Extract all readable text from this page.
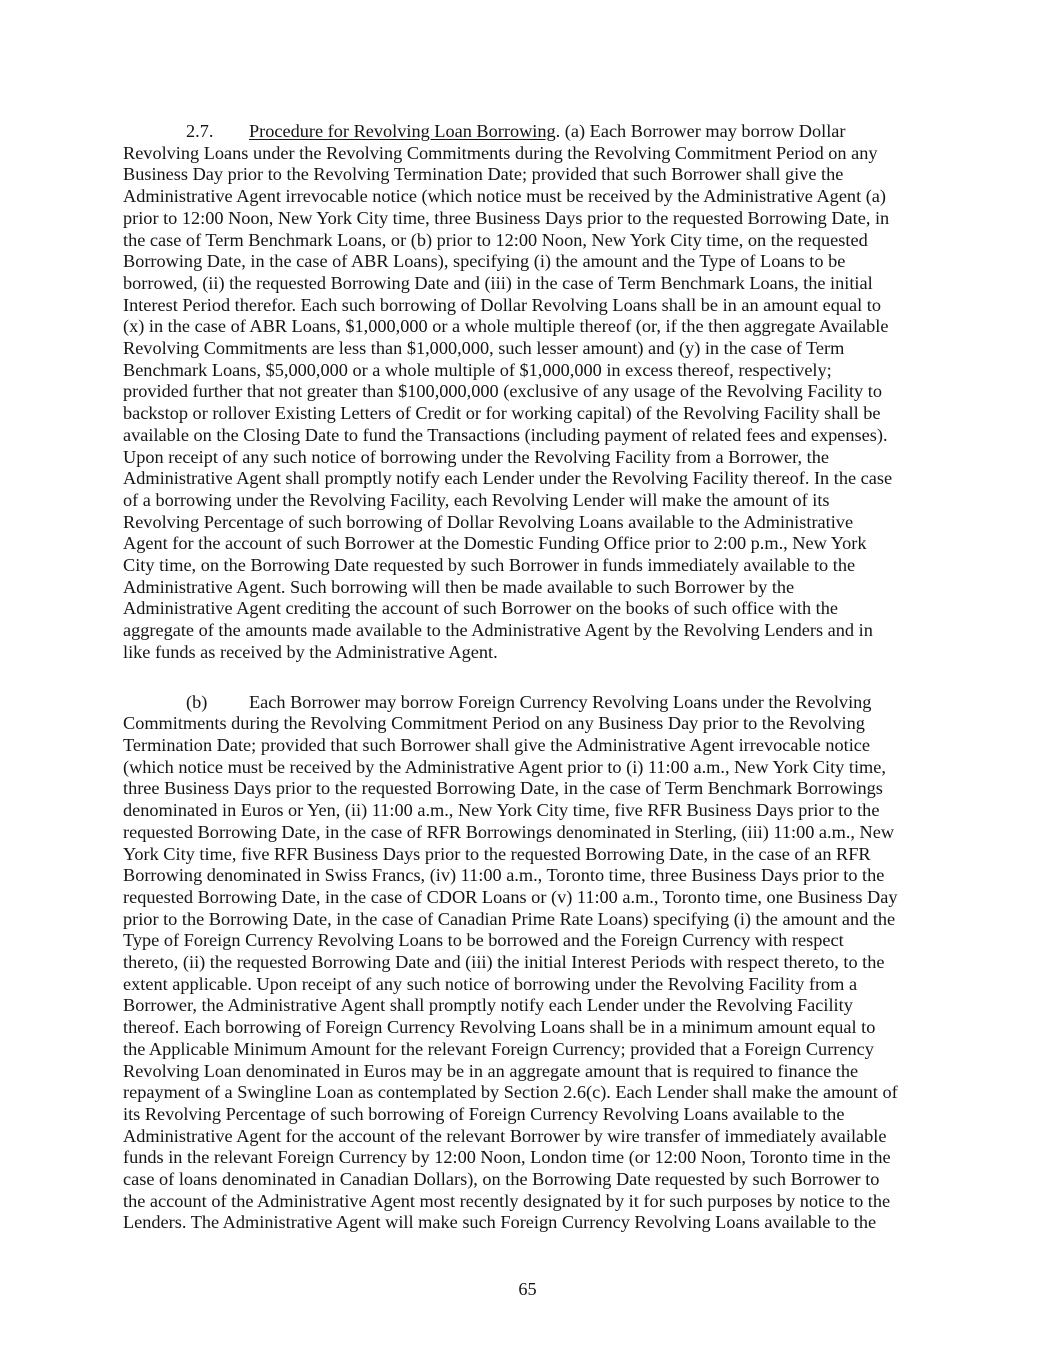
	2.7.	Procedure for Revolving Loan Borrowing. (a) Each Borrower may borrow Dollar
Revolving Loans under the Revolving Commitments during the Revolving Commitment Period on any
Business Day prior to the Revolving Termination Date; provided that such Borrower shall give the
Administrative Agent irrevocable notice (which notice must be received by the Administrative Agent (a)
prior to 12:00 Noon, New York City time, three Business Days prior to the requested Borrowing Date, in
the case of Term Benchmark Loans, or (b) prior to 12:00 Noon, New York City time, on the requested
Borrowing Date, in the case of ABR Loans), specifying (i) the amount and the Type of Loans to be
borrowed, (ii) the requested Borrowing Date and (iii) in the case of Term Benchmark Loans, the initial
Interest Period therefor. Each such borrowing of Dollar Revolving Loans shall be in an amount equal to
(x) in the case of ABR Loans, $1,000,000 or a whole multiple thereof (or, if the then aggregate Available
Revolving Commitments are less than $1,000,000, such lesser amount) and (y) in the case of Term
Benchmark Loans, $5,000,000 or a whole multiple of $1,000,000 in excess thereof, respectively;
provided further that not greater than $100,000,000 (exclusive of any usage of the Revolving Facility to
backstop or rollover Existing Letters of Credit or for working capital) of the Revolving Facility shall be
available on the Closing Date to fund the Transactions (including payment of related fees and expenses).
Upon receipt of any such notice of borrowing under the Revolving Facility from a Borrower, the
Administrative Agent shall promptly notify each Lender under the Revolving Facility thereof. In the case
of a borrowing under the Revolving Facility, each Revolving Lender will make the amount of its
Revolving Percentage of such borrowing of Dollar Revolving Loans available to the Administrative
Agent for the account of such Borrower at the Domestic Funding Office prior to 2:00 p.m., New York
City time, on the Borrowing Date requested by such Borrower in funds immediately available to the
Administrative Agent. Such borrowing will then be made available to such Borrower by the
Administrative Agent crediting the account of such Borrower on the books of such office with the
aggregate of the amounts made available to the Administrative Agent by the Revolving Lenders and in
like funds as received by the Administrative Agent.
	(b)	Each Borrower may borrow Foreign Currency Revolving Loans under the Revolving
Commitments during the Revolving Commitment Period on any Business Day prior to the Revolving
Termination Date; provided that such Borrower shall give the Administrative Agent irrevocable notice
(which notice must be received by the Administrative Agent prior to (i) 11:00 a.m., New York City time,
three Business Days prior to the requested Borrowing Date, in the case of Term Benchmark Borrowings
denominated in Euros or Yen, (ii) 11:00 a.m., New York City time, five RFR Business Days prior to the
requested Borrowing Date, in the case of RFR Borrowings denominated in Sterling, (iii) 11:00 a.m., New
York City time, five RFR Business Days prior to the requested Borrowing Date, in the case of an RFR
Borrowing denominated in Swiss Francs, (iv) 11:00 a.m., Toronto time, three Business Days prior to the
requested Borrowing Date, in the case of CDOR Loans or (v) 11:00 a.m., Toronto time, one Business Day
prior to the Borrowing Date, in the case of Canadian Prime Rate Loans) specifying (i) the amount and the
Type of Foreign Currency Revolving Loans to be borrowed and the Foreign Currency with respect
thereto, (ii) the requested Borrowing Date and (iii) the initial Interest Periods with respect thereto, to the
extent applicable. Upon receipt of any such notice of borrowing under the Revolving Facility from a
Borrower, the Administrative Agent shall promptly notify each Lender under the Revolving Facility
thereof. Each borrowing of Foreign Currency Revolving Loans shall be in a minimum amount equal to
the Applicable Minimum Amount for the relevant Foreign Currency; provided that a Foreign Currency
Revolving Loan denominated in Euros may be in an aggregate amount that is required to finance the
repayment of a Swingline Loan as contemplated by Section 2.6(c). Each Lender shall make the amount of
its Revolving Percentage of such borrowing of Foreign Currency Revolving Loans available to the
Administrative Agent for the account of the relevant Borrower by wire transfer of immediately available
funds in the relevant Foreign Currency by 12:00 Noon, London time (or 12:00 Noon, Toronto time in the
case of loans denominated in Canadian Dollars), on the Borrowing Date requested by such Borrower to
the account of the Administrative Agent most recently designated by it for such purposes by notice to the
Lenders. The Administrative Agent will make such Foreign Currency Revolving Loans available to the
65
